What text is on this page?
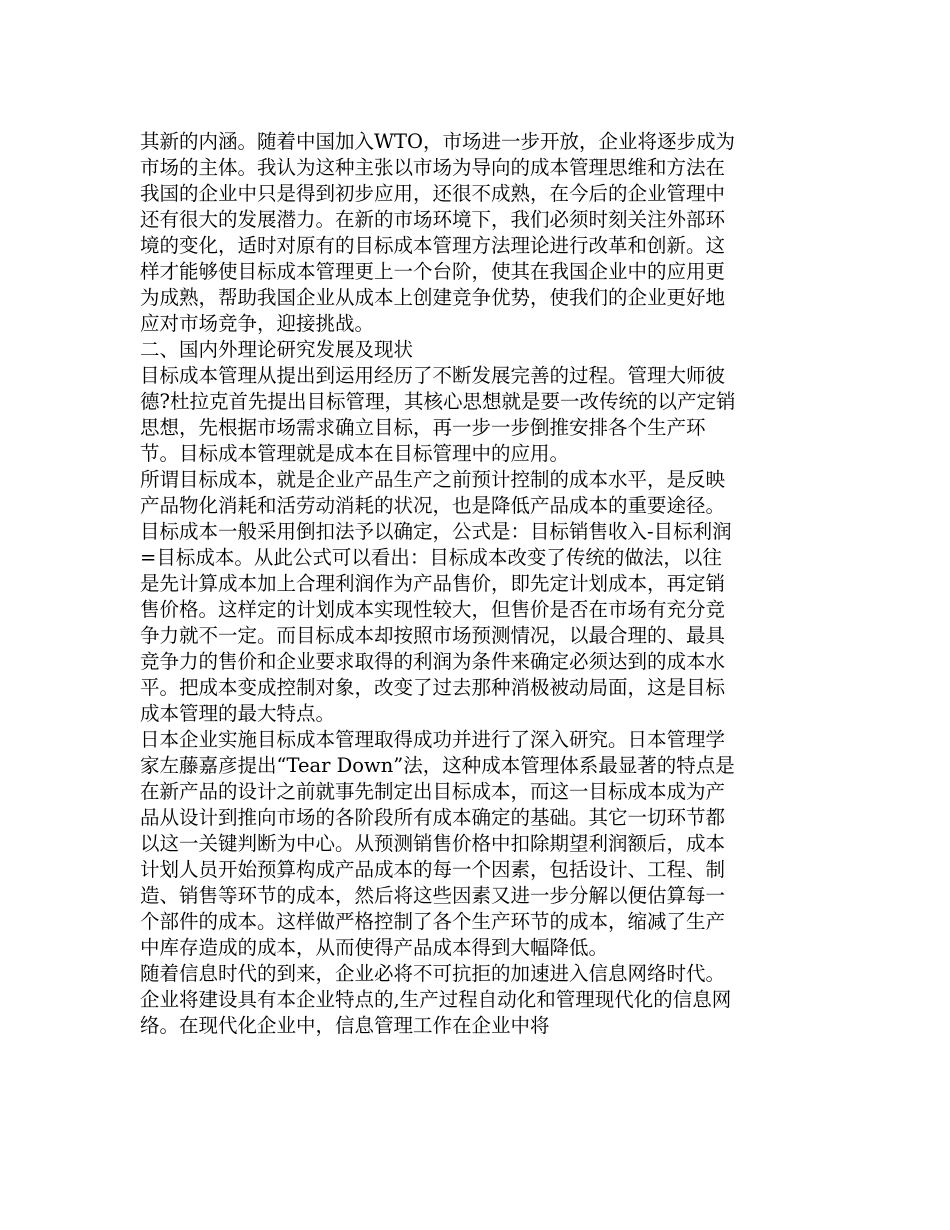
其新的内涵。随着中国加入WTO，市场进一步开放，企业将逐步成为市场的主体。我认为这种主张以市场为导向的成本管理思维和方法在我国的企业中只是得到初步应用，还很不成熟，在今后的企业管理中还有很大的发展潜力。在新的市场环境下，我们必须时刻关注外部环境的变化，适时对原有的目标成本管理方法理论进行改革和创新。这样才能够使目标成本管理更上一个台阶，使其在我国企业中的应用更为成熟，帮助我国企业从成本上创建竞争优势，使我们的企业更好地应对市场竞争，迎接挑战。

二、国内外理论研究发展及现状

目标成本管理从提出到运用经历了不断发展完善的过程。管理大师彼德?杜拉克首先提出目标管理，其核心思想就是要一改传统的以产定销思想，先根据市场需求确立目标，再一步一步倒推安排各个生产环节。目标成本管理就是成本在目标管理中的应用。

所谓目标成本，就是企业产品生产之前预计控制的成本水平，是反映产品物化消耗和活劳动消耗的状况，也是降低产品成本的重要途径。目标成本一般采用倒扣法予以确定，公式是：目标销售收入-目标利润=目标成本。从此公式可以看出：目标成本改变了传统的做法，以往是先计算成本加上合理利润作为产品售价，即先定计划成本，再定销售价格。这样定的计划成本实现性较大，但售价是否在市场有充分竞争力就不一定。而目标成本却按照市场预测情况，以最合理的、最具竞争力的售价和企业要求取得的利润为条件来确定必须达到的成本水平。把成本变成控制对象，改变了过去那种消极被动局面，这是目标成本管理的最大特点。

日本企业实施目标成本管理取得成功并进行了深入研究。日本管理学家左藤嘉彦提出“Tear Down”法，这种成本管理体系最显著的特点是在新产品的设计之前就事先制定出目标成本，而这一目标成本成为产品从设计到推向市场的各阶段所有成本确定的基础。其它一切环节都以这一关键判断为中心。从预测销售价格中扣除期望利润额后，成本计划人员开始预算构成产品成本的每一个因素，包括设计、工程、制造、销售等环节的成本，然后将这些因素又进一步分解以便估算每一个部件的成本。这样做严格控制了各个生产环节的成本，缩减了生产中库存造成的成本，从而使得产品成本得到大幅降低。

随着信息时代的到来，企业必将不可抗拒的加速进入信息网络时代。企业将建设具有本企业特点的,生产过程自动化和管理现代化的信息网络。在现代化企业中，信息管理工作在企业中将
